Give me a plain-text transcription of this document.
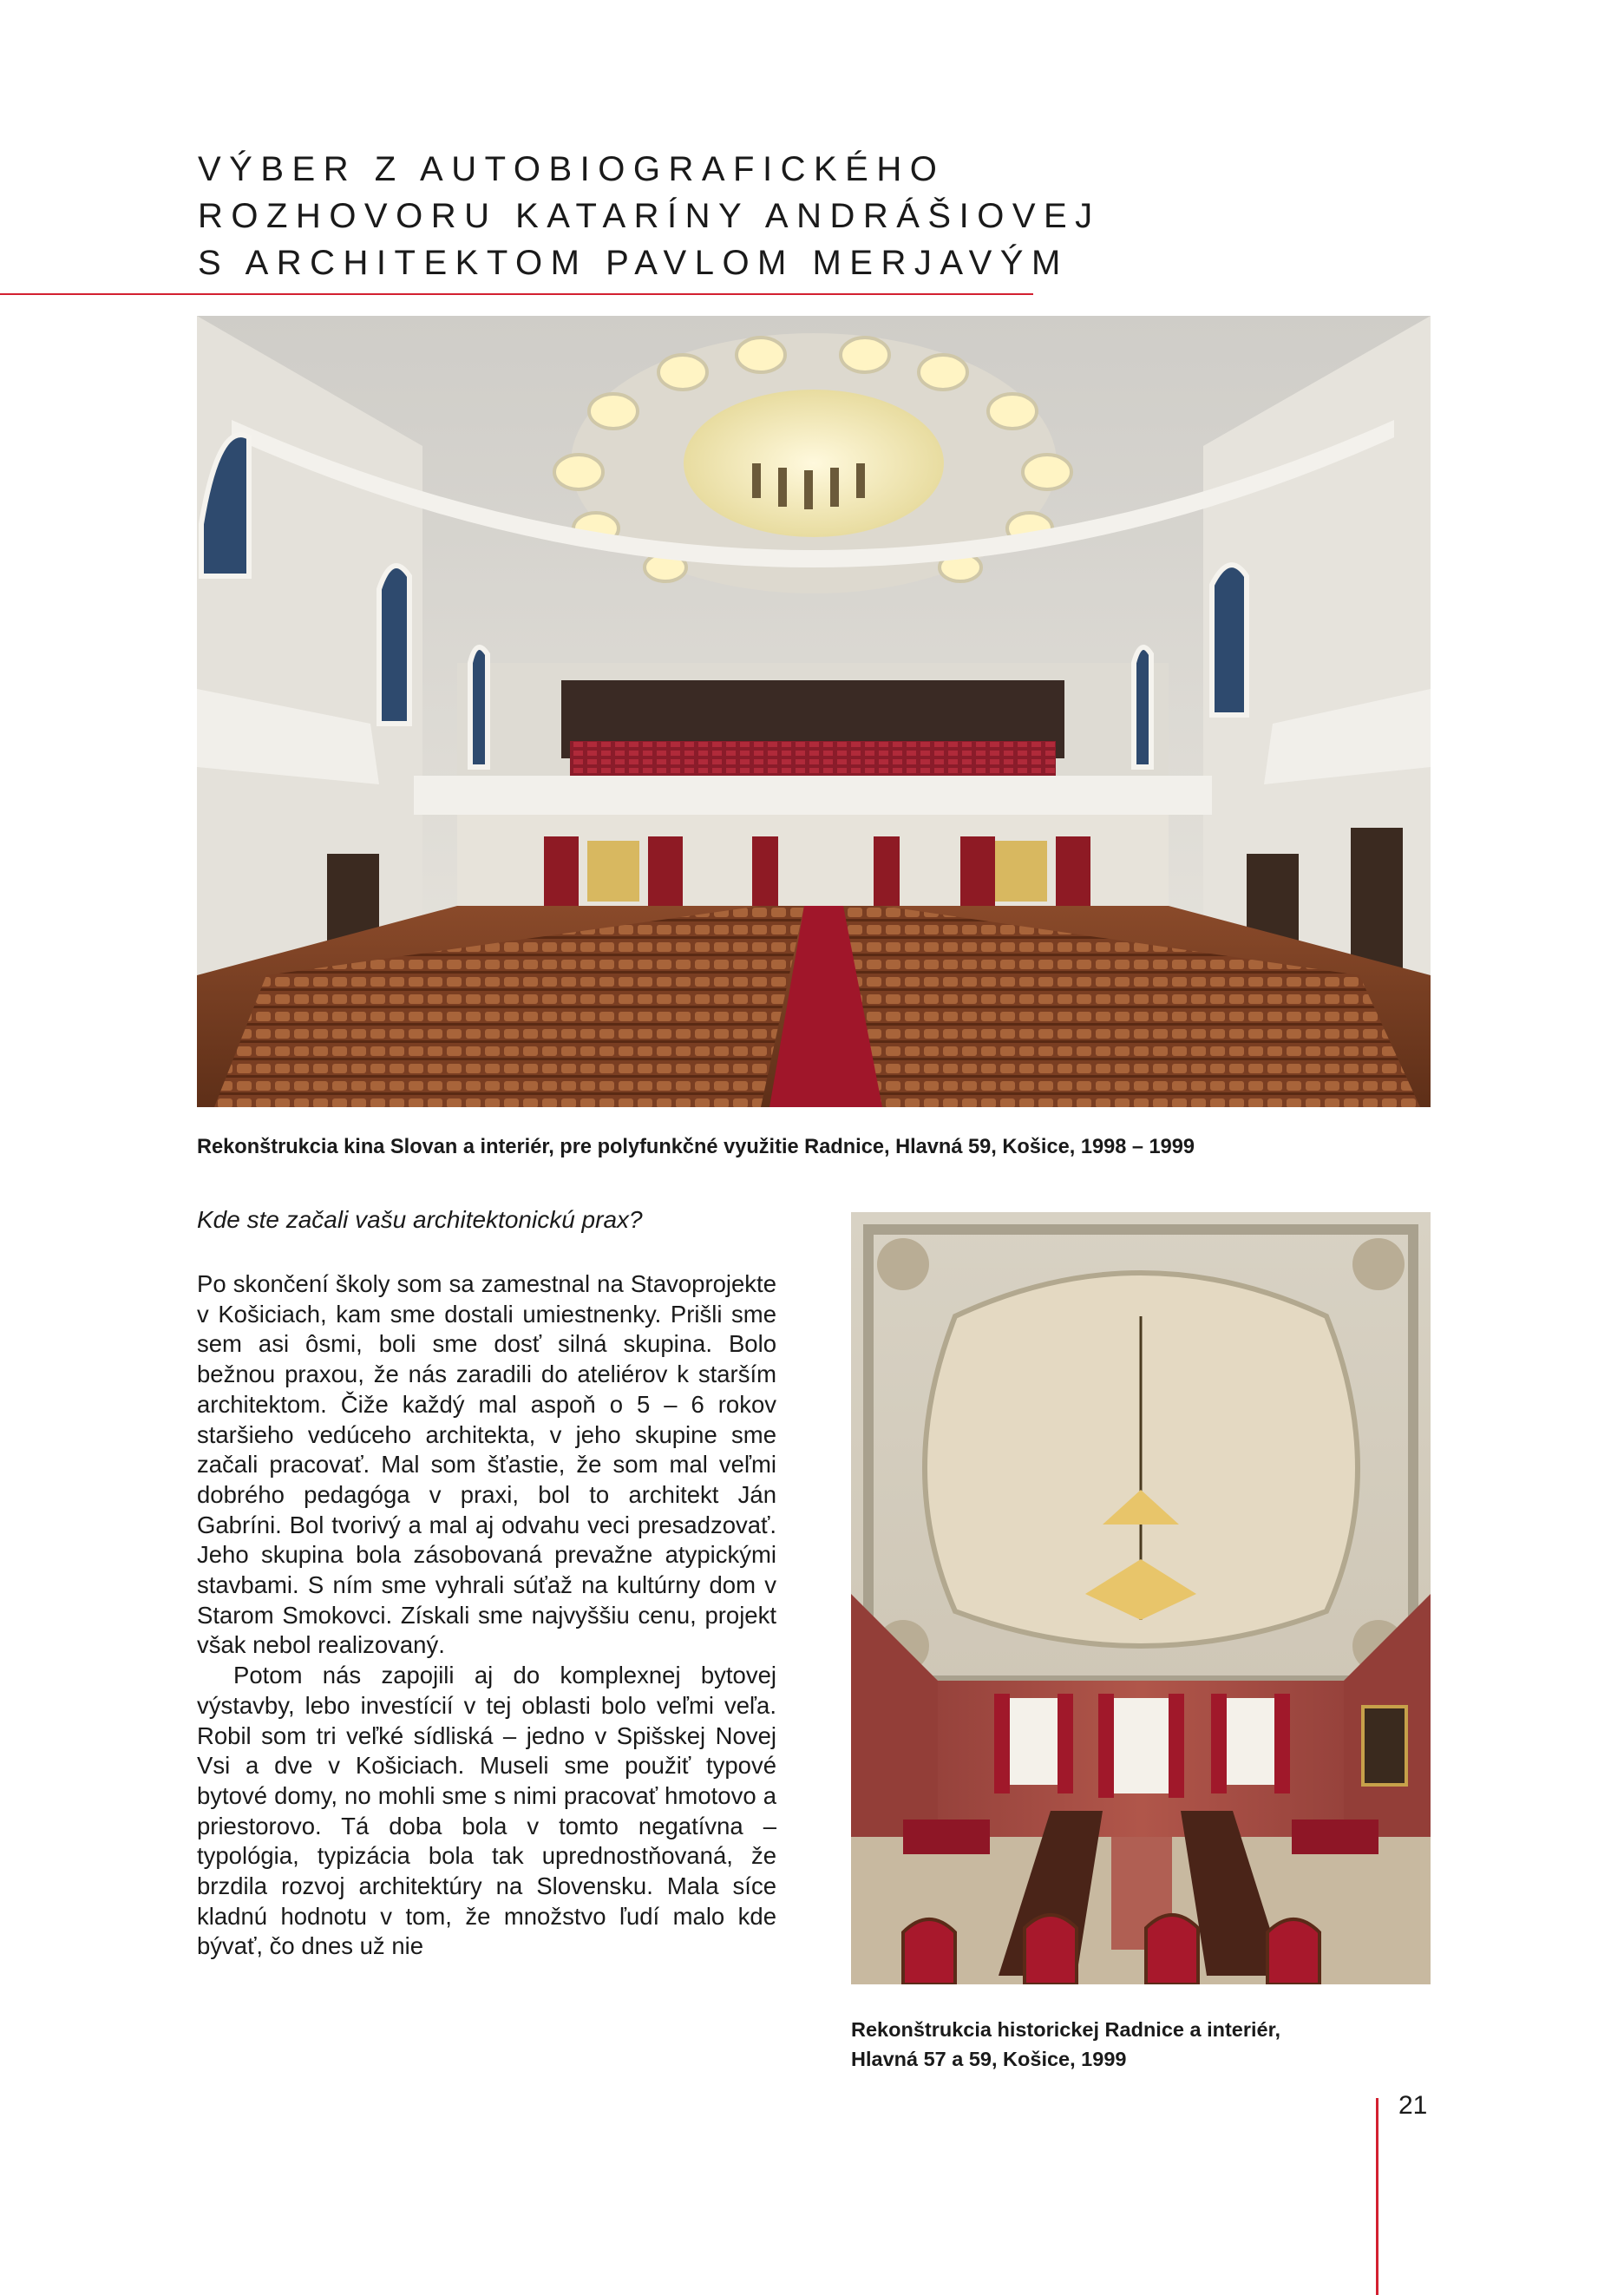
VÝBER Z AUTOBIOGRAFICKÉHO
ROZHOVORU KATARÍNY ANDRÁŠIOVEJ
S ARCHITEKTOM PAVLOM MERJAVÝM
Rekonštrukcia kina Slovan a interiér, pre polyfunkčné využitie Radnice, Hlavná 59, Košice, 1998 – 1999
Kde ste začali vašu architektonickú prax?

Po skončení školy som sa zamestnal na Stavoprojekte v Košiciach, kam sme dostali umiestnenky. Prišli sme sem asi ôsmi, boli sme dosť silná skupina. Bolo bežnou praxou, že nás zaradili do ateliérov k starším architektom. Čiže každý mal aspoň o 5 – 6 rokov staršieho vedúceho architekta, v jeho skupine sme začali pracovať. Mal som šťastie, že som mal veľmi dobrého pedagóga v praxi, bol to architekt Ján Gabríni. Bol tvorivý a mal aj odvahu veci presadzovať. Jeho skupina bola zásobovaná prevažne atypickými stavbami. S ním sme vyhrali súťaž na kultúrny dom v Starom Smokovci. Získali sme najvyššiu cenu, projekt však nebol realizovaný.

Potom nás zapojili aj do komplexnej bytovej výstavby, lebo investícií v tej oblasti bolo veľmi veľa. Robil som tri veľké sídliská – jedno v Spišskej Novej Vsi a dve v Košiciach. Museli sme použiť typové bytové domy, no mohli sme s nimi pracovať hmotovo a priestorovo. Tá doba bola v tomto negatívna – typológia, typizácia bola tak uprednostňovaná, že brzdila rozvoj architektúry na Slovensku. Mala síce kladnú hodnotu v tom, že množstvo ľudí malo kde bývať, čo dnes už nie

Rekonštrukcia historickej Radnice a interiér,
Hlavná 57 a 59, Košice, 1999
21
